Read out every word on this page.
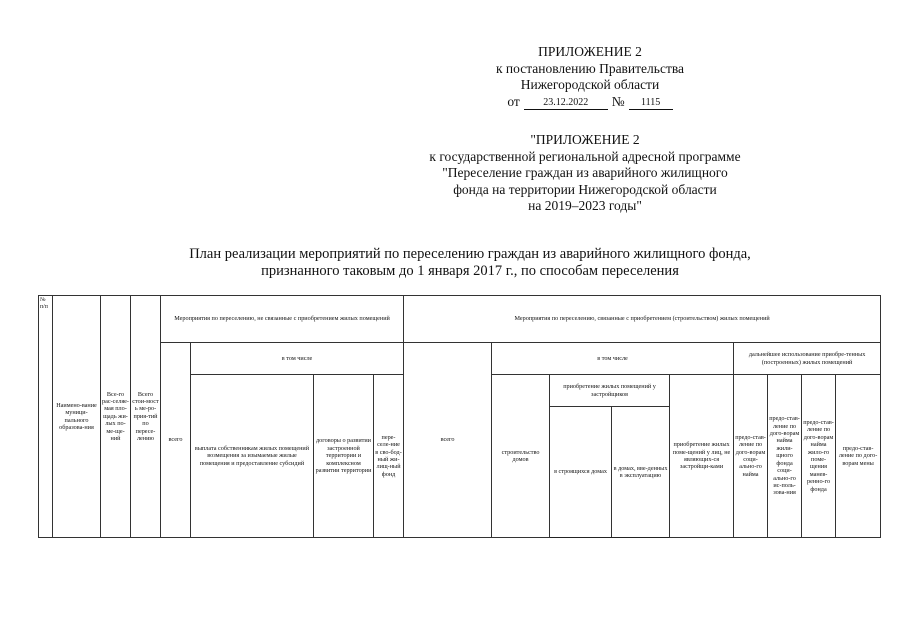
ПРИЛОЖЕНИЕ 2
к постановлению Правительства
Нижегородской области
от	23.12.2022	№	1115
"ПРИЛОЖЕНИЕ 2
к государственной региональной адресной программе
"Переселение граждан из аварийного жилищного
фонда на территории Нижегородской области
на 2019–2023 годы"
План реализации мероприятий по переселению граждан из аварийного жилищного фонда,
признанного таковым до 1 января 2017 г., по способам переселения
№ п/п	Наимено-вание муници-пального образова-ния	Все-го рас-селяе-мая пло-щадь жи-лых по-ме-ще-ний	Всего стои-мост ь ме-ро-прия-тий по пересе-лению	Мероприятия по переселению, не связанные с приобретением жилых помещений				Мероприятия по переселению, связанные с приобретением (строительством) жилых помещений								
				всего	в том числе			всего	в том числе				дальнейшее использование приобре-тенных (построенных) жилых помещений			
					выплата собственникам жилых помещений возмещения за изымаемые жилые помещения и предоставление субсидий	договоры о развитии застроенной территории и комплексном развитии территории	пере-селе-ние в сво-бод-ный жи-лищ-ный фонд		строительство домов	приобретение жилых помещений у застройщиков		приобретение жилых поме-щений у лиц, не являющих-ся застройщи-ками	предо-став-ление по дого-ворам соци-ально-го найма	предо-став-ление по дого-ворам найма жили-щного фонда соци-ально-го ис-поль-зова-ния	предо-став-ление по дого-ворам найма жило-го поме-щения манев-ренно-го фонда	предо-став-ление по дого-ворам мены
										в строящихся домах	в домах, вве-денных в эксплуатацию					
